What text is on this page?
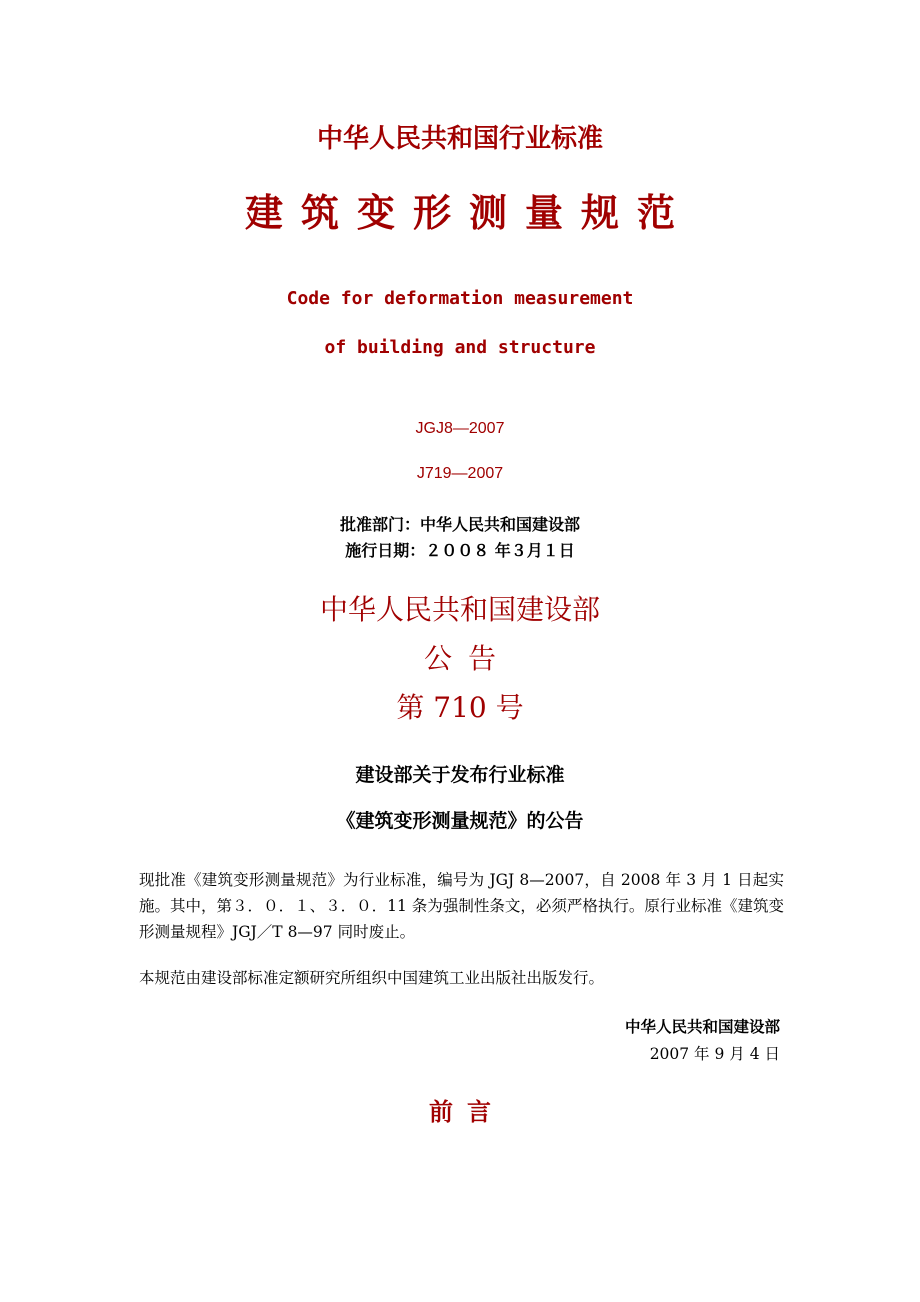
中华人民共和国行业标准
建筑变形测量规范
Code for deformation measurement
of building and structure
JGJ8—2007
J719—2007
批准部门：中华人民共和国建设部
施行日期：２００８ 年３月１日
中华人民共和国建设部
公告
第 710 号
建设部关于发布行业标准
《建筑变形测量规范》的公告
现批准《建筑变形测量规范》为行业标准，编号为 JGJ 8—2007，自 2008 年 3 月 1 日起实施。其中，第３．０．１、３．０．11 条为强制性条文，必须严格执行。原行业标准《建筑变形测量规程》JGJ／T 8—97 同时废止。
本规范由建设部标准定额研究所组织中国建筑工业出版社出版发行。
中华人民共和国建设部
2007 年 9 月 4 日
前言
